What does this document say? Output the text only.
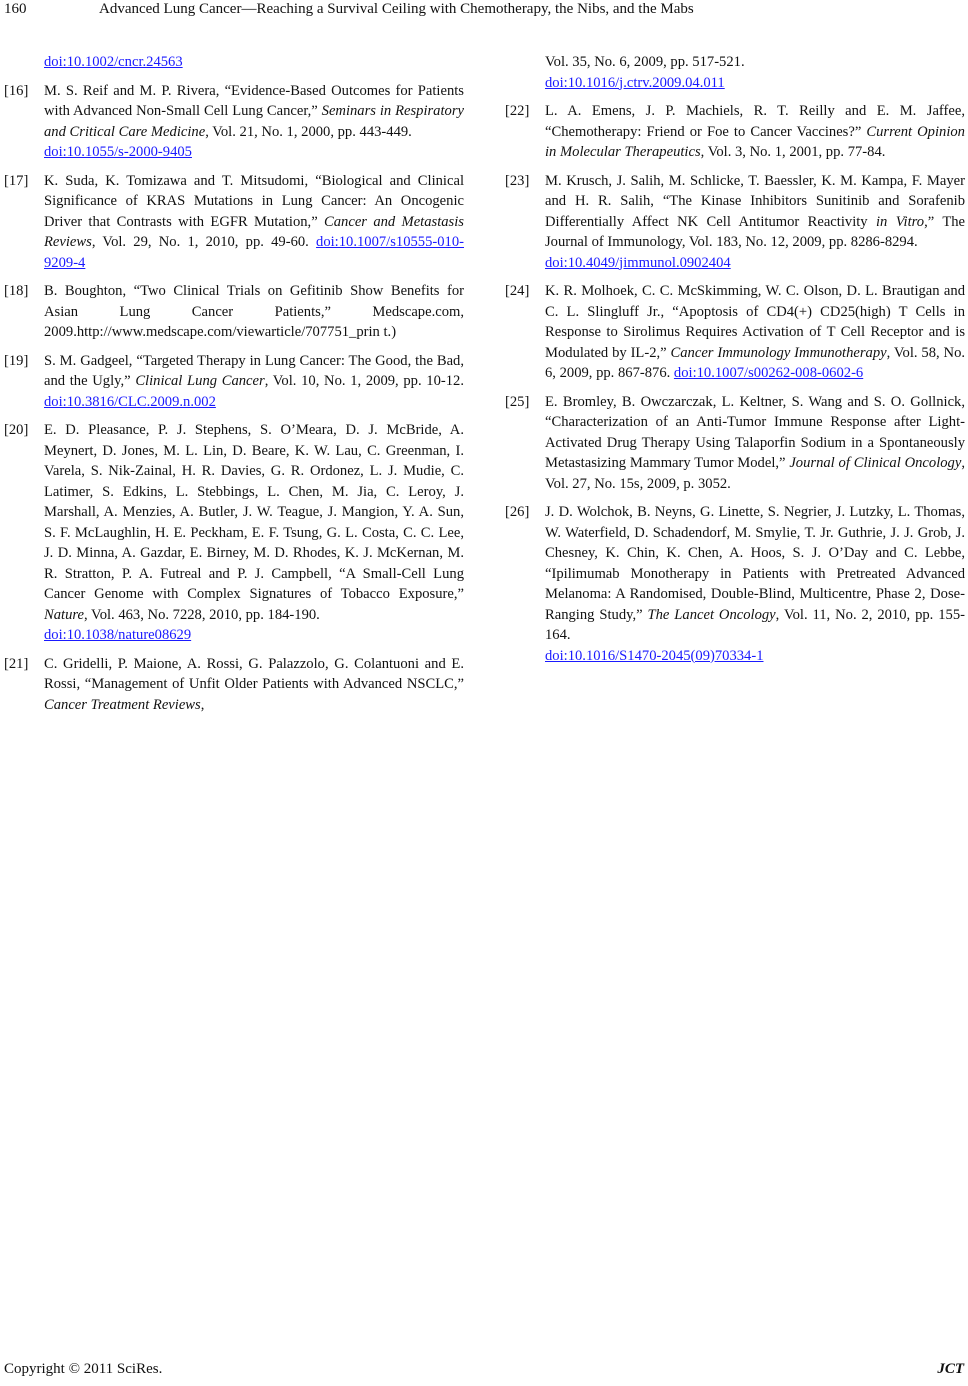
160	Advanced Lung Cancer—Reaching a Survival Ceiling with Chemotherapy, the Nibs, and the Mabs
doi:10.1002/cncr.24563
[16] M. S. Reif and M. P. Rivera, “Evidence-Based Outcomes for Patients with Advanced Non-Small Cell Lung Cancer,” Seminars in Respiratory and Critical Care Medicine, Vol. 21, No. 1, 2000, pp. 443-449.
doi:10.1055/s-2000-9405
[17] K. Suda, K. Tomizawa and T. Mitsudomi, “Biological and Clinical Significance of KRAS Mutations in Lung Cancer: An Oncogenic Driver that Contrasts with EGFR Mutation,” Cancer and Metastasis Reviews, Vol. 29, No. 1, 2010, pp. 49-60. doi:10.1007/s10555-010-9209-4
[18] B. Boughton, “Two Clinical Trials on Gefitinib Show Benefits for Asian Lung Cancer Patients,” Medscape.com, 2009.http://www.medscape.com/viewarticle/707751_prin t.)
[19] S. M. Gadgeel, “Targeted Therapy in Lung Cancer: The Good, the Bad, and the Ugly,” Clinical Lung Cancer, Vol. 10, No. 1, 2009, pp. 10-12. doi:10.3816/CLC.2009.n.002
[20] E. D. Pleasance, P. J. Stephens, S. O’Meara, D. J. McBride, A. Meynert, D. Jones, M. L. Lin, D. Beare, K. W. Lau, C. Greenman, I. Varela, S. Nik-Zainal, H. R. Davies, G. R. Ordonez, L. J. Mudie, C. Latimer, S. Edkins, L. Stebbings, L. Chen, M. Jia, C. Leroy, J. Marshall, A. Menzies, A. Butler, J. W. Teague, J. Mangion, Y. A. Sun, S. F. McLaughlin, H. E. Peckham, E. F. Tsung, G. L. Costa, C. C. Lee, J. D. Minna, A. Gazdar, E. Birney, M. D. Rhodes, K. J. McKernan, M. R. Stratton, P. A. Futreal and P. J. Campbell, “A Small-Cell Lung Cancer Genome with Complex Signatures of Tobacco Exposure,” Nature, Vol. 463, No. 7228, 2010, pp. 184-190.
doi:10.1038/nature08629
[21] C. Gridelli, P. Maione, A. Rossi, G. Palazzolo, G. Colantuoni and E. Rossi, “Management of Unfit Older Patients with Advanced NSCLC,” Cancer Treatment Reviews,
Vol. 35, No. 6, 2009, pp. 517-521.
doi:10.1016/j.ctrv.2009.04.011
[22] L. A. Emens, J. P. Machiels, R. T. Reilly and E. M. Jaffee, “Chemotherapy: Friend or Foe to Cancer Vaccines?” Current Opinion in Molecular Therapeutics, Vol. 3, No. 1, 2001, pp. 77-84.
[23] M. Krusch, J. Salih, M. Schlicke, T. Baessler, K. M. Kampa, F. Mayer and H. R. Salih, “The Kinase Inhibitors Sunitinib and Sorafenib Differentially Affect NK Cell Antitumor Reactivity in Vitro,” The Journal of Immunology, Vol. 183, No. 12, 2009, pp. 8286-8294.
doi:10.4049/jimmunol.0902404
[24] K. R. Molhoek, C. C. McSkimming, W. C. Olson, D. L. Brautigan and C. L. Slingluff Jr., “Apoptosis of CD4(+) CD25(high) T Cells in Response to Sirolimus Requires Activation of T Cell Receptor and is Modulated by IL-2,” Cancer Immunology Immunotherapy, Vol. 58, No. 6, 2009, pp. 867-876. doi:10.1007/s00262-008-0602-6
[25] E. Bromley, B. Owczarczak, L. Keltner, S. Wang and S. O. Gollnick, “Characterization of an Anti-Tumor Immune Response after Light-Activated Drug Therapy Using Talaporfin Sodium in a Spontaneously Metastasizing Mammary Tumor Model,” Journal of Clinical Oncology, Vol. 27, No. 15s, 2009, p. 3052.
[26] J. D. Wolchok, B. Neyns, G. Linette, S. Negrier, J. Lutzky, L. Thomas, W. Waterfield, D. Schadendorf, M. Smylie, T. Jr. Guthrie, J. J. Grob, J. Chesney, K. Chin, K. Chen, A. Hoos, S. J. O’Day and C. Lebbe, “Ipilimumab Monotherapy in Patients with Pretreated Advanced Melanoma: A Randomised, Double-Blind, Multicentre, Phase 2, Dose-Ranging Study,” The Lancet Oncology, Vol. 11, No. 2, 2010, pp. 155-164.
doi:10.1016/S1470-2045(09)70334-1
Copyright © 2011 SciRes.	JCT
